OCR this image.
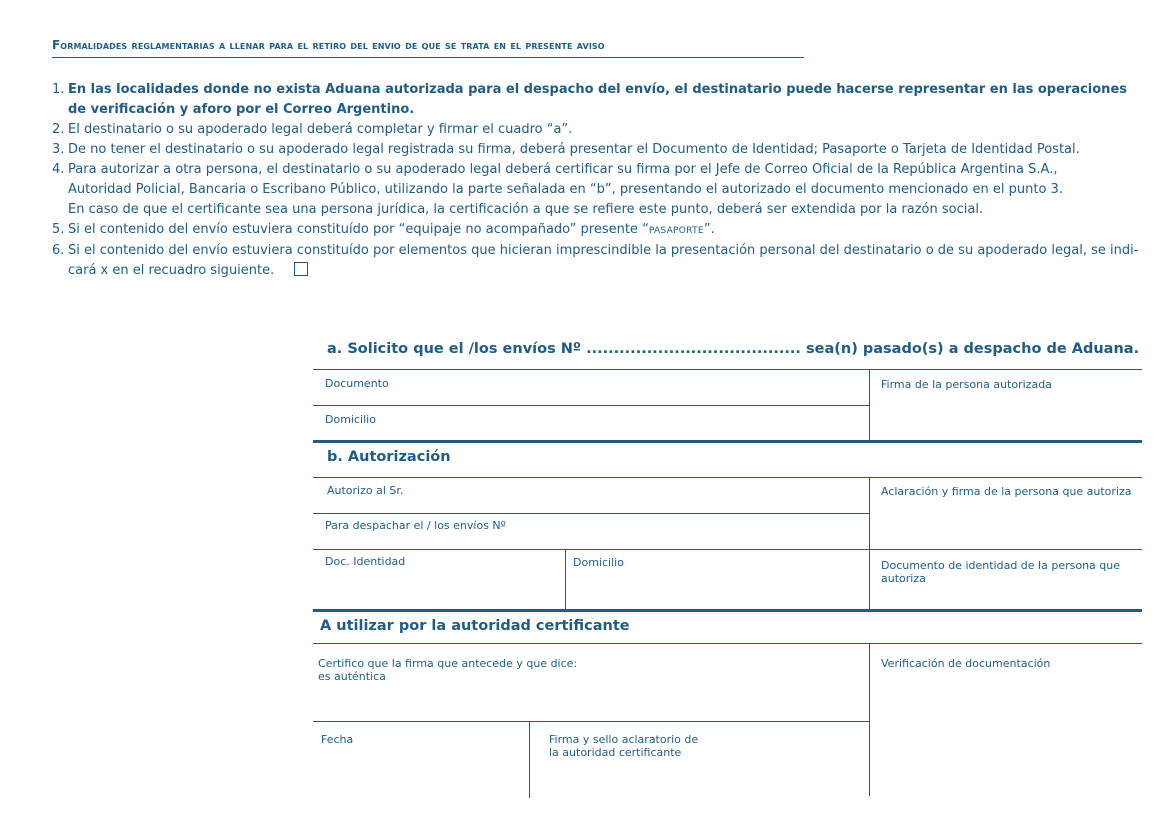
Formalidades reglamentarias a llenar para el retiro del envio de que se trata en el presente aviso
1. En las localidades donde no exista Aduana autorizada para el despacho del envío, el destinatario puede hacerse representar en las operaciones de verificación y aforo por el Correo Argentino.
2. El destinatario o su apoderado legal deberá completar y firmar el cuadro “a”.
3. De no tener el destinatario o su apoderado legal registrada su firma, deberá presentar el Documento de Identidad; Pasaporte o Tarjeta de Identidad Postal.
4. Para autorizar a otra persona, el destinatario o su apoderado legal deberá certificar su firma por el Jefe de Correo Oficial de la República Argentina S.A.,
Autoridad Policial, Bancaria o Escribano Público, utilizando la parte señalada en “b”, presentando el autorizado el documento mencionado en el punto 3.
En caso de que el certificante sea una persona jurídica, la certificación a que se refiere este punto, deberá ser extendida por la razón social.
5. Si el contenido del envío estuviera constituído por “equipaje no acompañado” presente “PASAPORTE”.
6. Si el contenido del envío estuviera constituído por elementos que hicieran imprescindible la presentación personal del destinatario o de su apoderado legal, se indi-
cará x en el recuadro siguiente.
a. Solicito que el /los envíos Nº ....................................... sea(n) pasado(s) a despacho de Aduana.
Documento
Domicilio
Firma de la persona autorizada
b. Autorización
Autorizo al Sr.
Para despachar el / los envíos Nº
Doc. Identidad	Domicilio
Aclaración y firma de la persona que autoriza
Documento de identidad de la persona que autoriza
A utilizar por la autoridad certificante
Certifico que la firma que antecede y que dice:
es auténtica
Verificación de documentación
Fecha	Firma y sello aclaratorio de
la autoridad certificante
